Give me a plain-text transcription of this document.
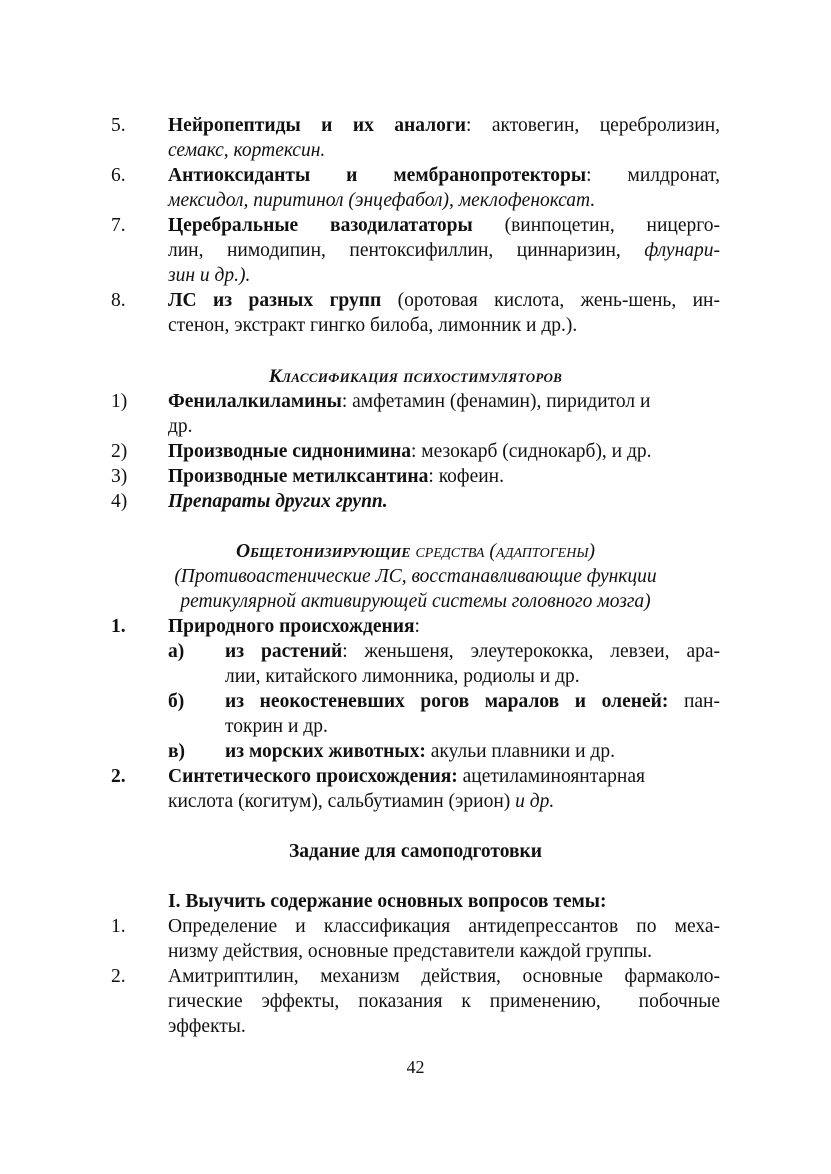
5. Нейропептиды и их аналоги: актовегин, церебролизин,
семакс, кортексин.
6. Антиоксиданты и мембранопротекторы: милдронат,
мексидол, пиритинол (энцефабол), меклофеноксат.
7. Церебральные вазодилататоры (винпоцетин, ницерго-
лин, нимодипин, пентоксифиллин, циннаризин, флунари-
зин и др.).
8. ЛС из разных групп (оротовая кислота, жень-шень, ин-
стенон, экстракт гингко билоба, лимонник и др.).
Классификация психостимуляторов
1) Фенилалкиламины: амфетамин (фенамин), пиридитол и
др.
2) Производные сиднонимина: мезокарб (сиднокарб), и др.
3) Производные метилксантина: кофеин.
4) Препараты других групп.
Общетонизирующие средства (адаптогены)
(Противоастенические ЛС, восстанавливающие функции
ретикулярной активирующей системы головного мозга)
1. Природного происхождения:
а) из растений: женьшеня, элеутерококка, левзеи, ара-
лии, китайского лимонника, родиолы и др.
б) из неокостеневших рогов маралов и оленей: пан-
токрин и др.
в) из морских животных: акульи плавники и др.
2. Синтетического происхождения: ацетиламиноянтарная
кислота (когитум), сальбутиамин (эрион) и др.
Задание для самоподготовки
I. Выучить содержание основных вопросов темы:
1. Определение и классификация антидепрессантов по меха-
низму действия, основные представители каждой группы.
2. Амитриптилин, механизм действия, основные фармаколо-
гические эффекты, показания к применению,  побочные
эффекты.
42
